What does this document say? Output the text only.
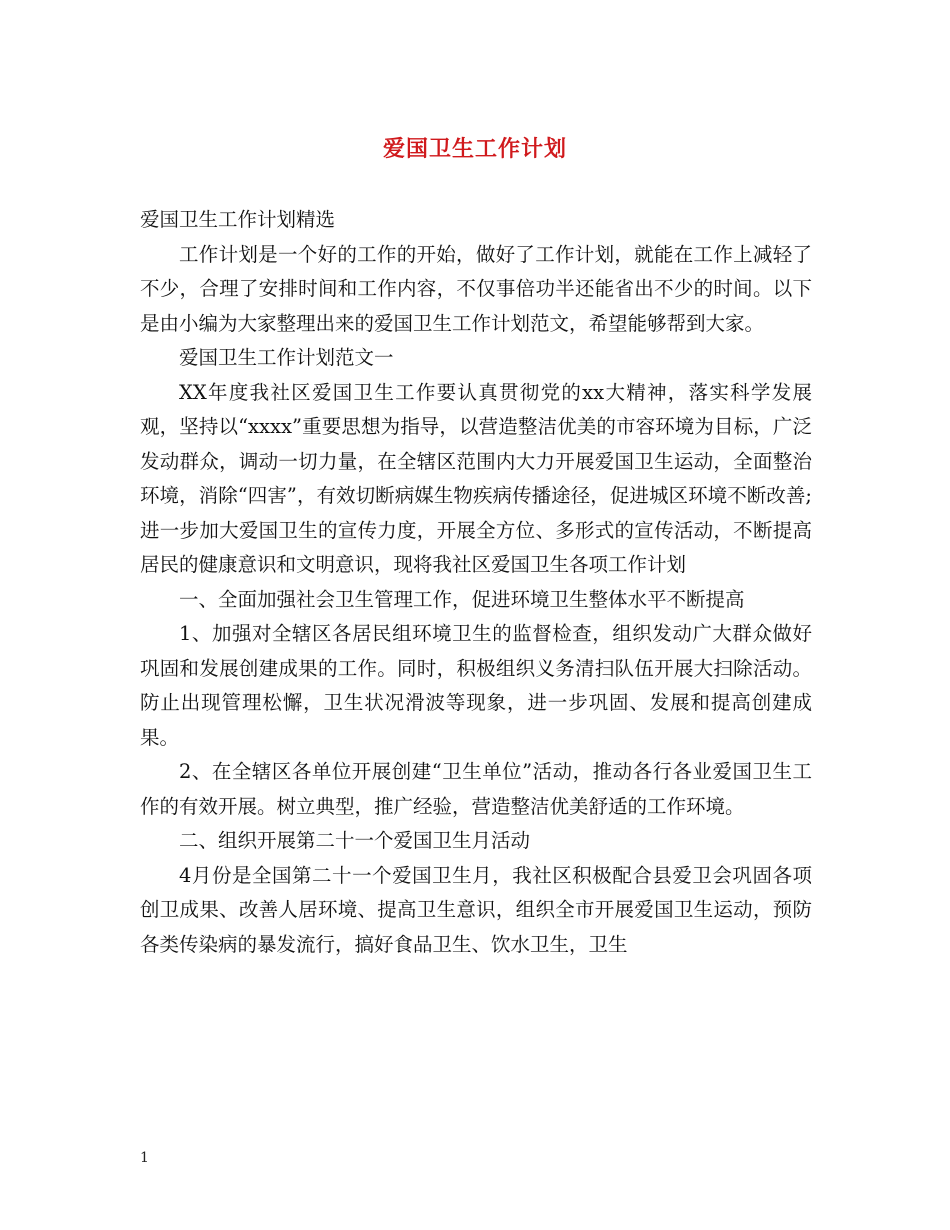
爱国卫生工作计划

爱国卫生工作计划精选

工作计划是一个好的工作的开始，做好了工作计划，就能在工作上减轻了不少，合理了安排时间和工作内容，不仅事倍功半还能省出不少的时间。以下是由小编为大家整理出来的爱国卫生工作计划范文，希望能够帮到大家。

爱国卫生工作计划范文一

XX年度我社区爱国卫生工作要认真贯彻党的xx大精神，落实科学发展观，坚持以“xxxx”重要思想为指导，以营造整洁优美的市容环境为目标，广泛发动群众，调动一切力量，在全辖区范围内大力开展爱国卫生运动，全面整治环境，消除“四害”，有效切断病媒生物疾病传播途径，促进城区环境不断改善;进一步加大爱国卫生的宣传力度，开展全方位、多形式的宣传活动，不断提高居民的健康意识和文明意识，现将我社区爱国卫生各项工作计划

一、全面加强社会卫生管理工作，促进环境卫生整体水平不断提高

1、加强对全辖区各居民组环境卫生的监督检查，组织发动广大群众做好巩固和发展创建成果的工作。同时，积极组织义务清扫队伍开展大扫除活动。防止出现管理松懈，卫生状况滑波等现象，进一步巩固、发展和提高创建成果。

2、在全辖区各单位开展创建“卫生单位”活动，推动各行各业爱国卫生工作的有效开展。树立典型，推广经验，营造整洁优美舒适的工作环境。

二、组织开展第二十一个爱国卫生月活动

4月份是全国第二十一个爱国卫生月，我社区积极配合县爱卫会巩固各项创卫成果、改善人居环境、提高卫生意识，组织全市开展爱国卫生运动，预防各类传染病的暴发流行，搞好食品卫生、饮水卫生，卫生

1
